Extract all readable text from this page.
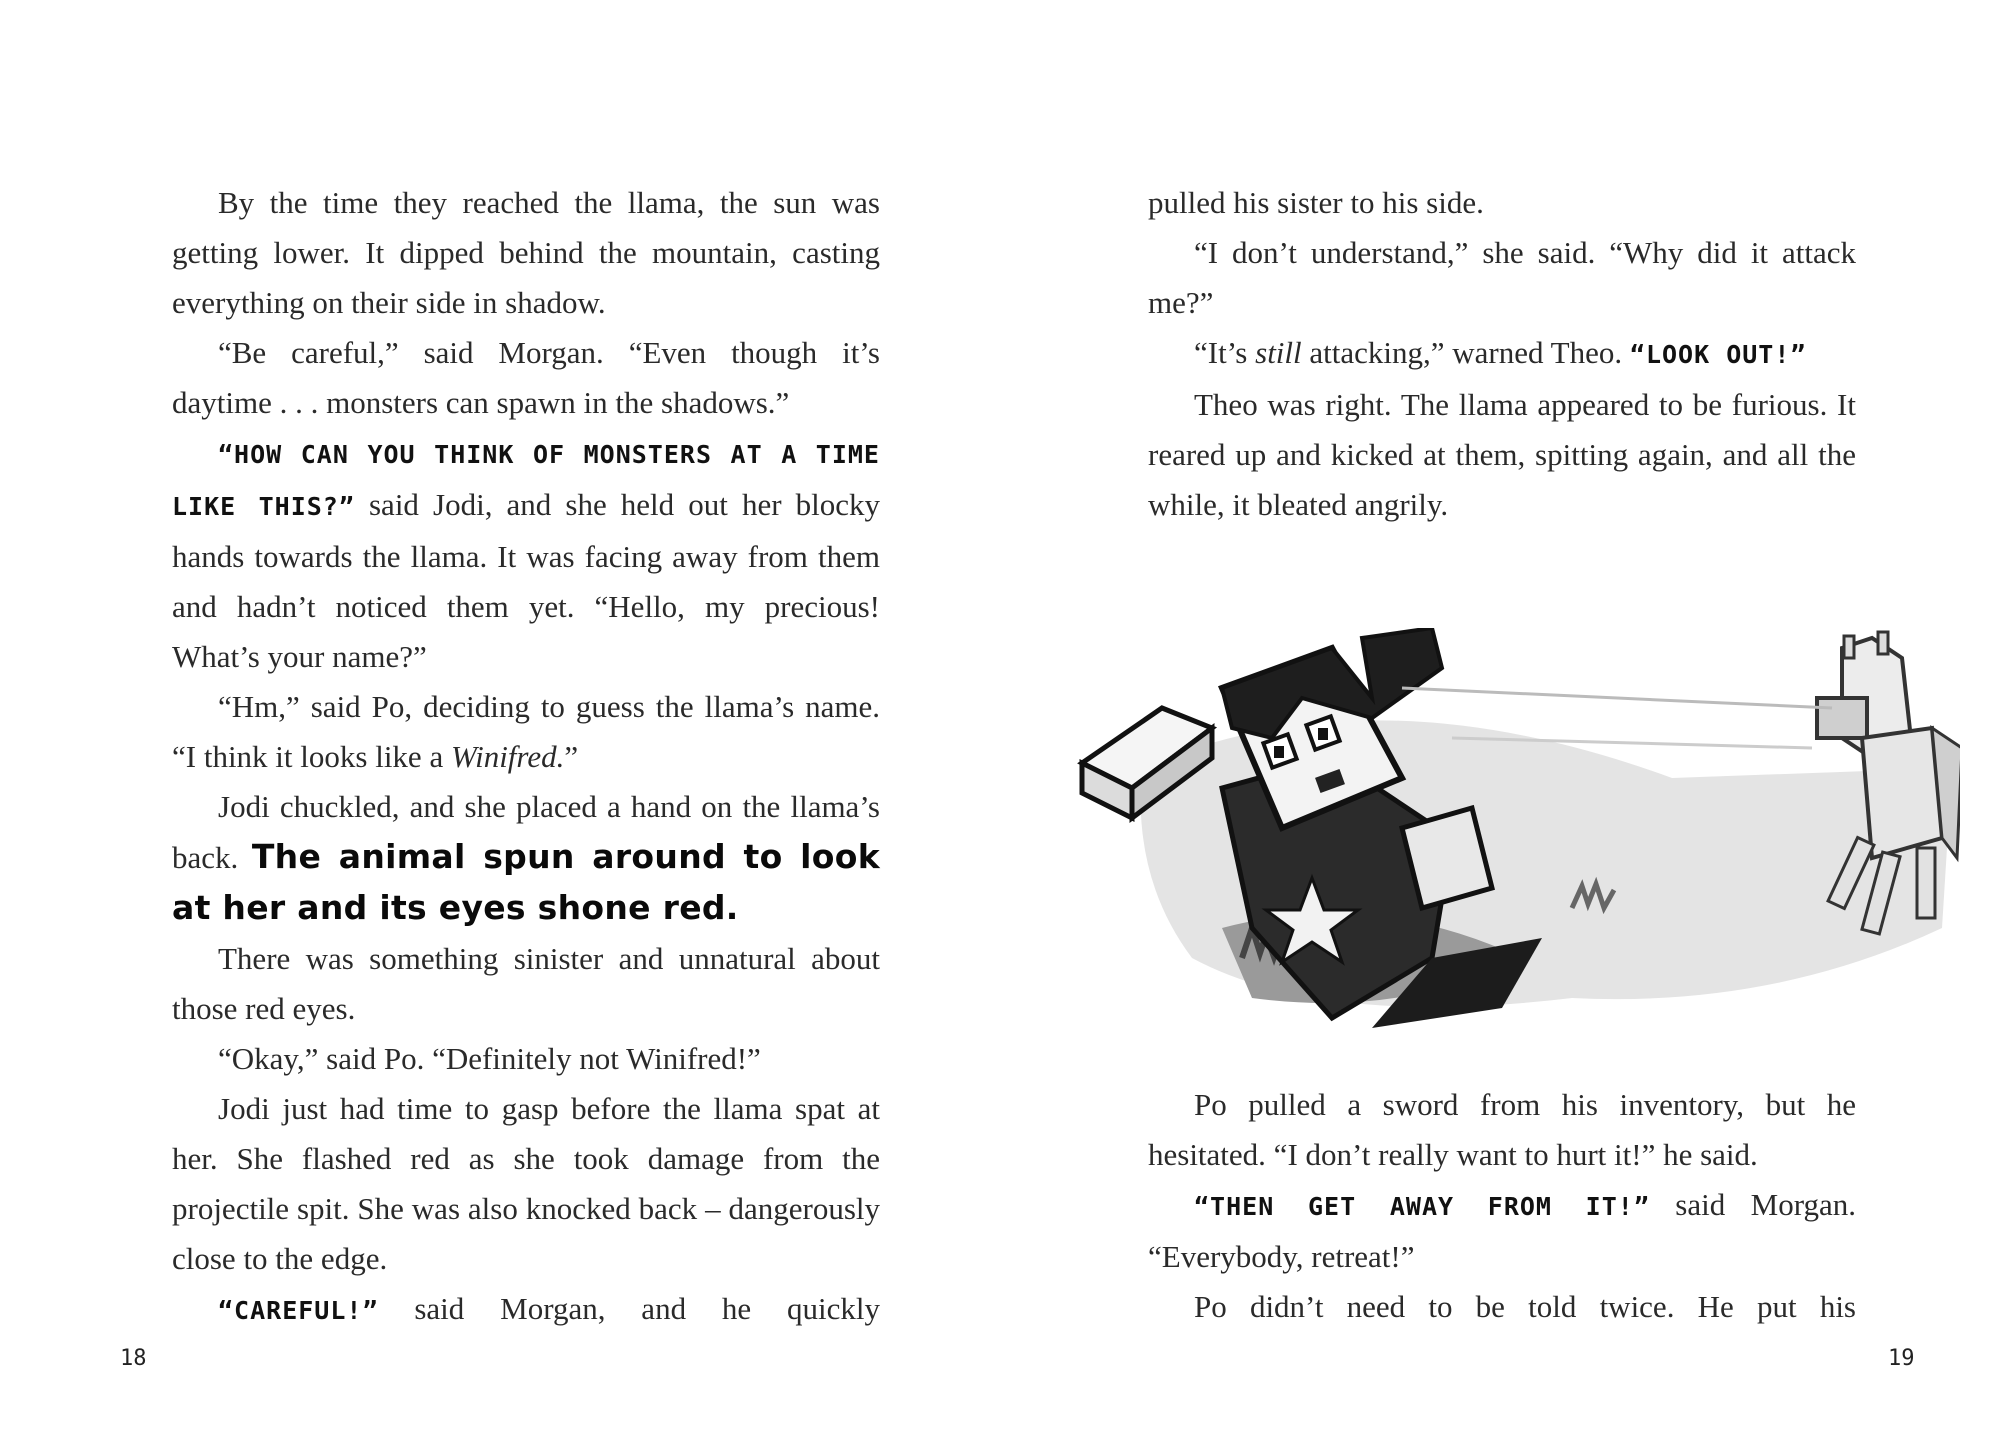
By the time they reached the llama, the sun was getting lower. It dipped behind the mountain, casting everything on their side in shadow.

“Be careful,” said Morgan. “Even though it’s daytime . . . monsters can spawn in the shadows.”

“HOW CAN YOU THINK OF MONSTERS AT A TIME LIKE THIS?” said Jodi, and she held out her blocky hands towards the llama. It was facing away from them and hadn’t noticed them yet. “Hello, my precious! What’s your name?”

“Hm,” said Po, deciding to guess the llama’s name. “I think it looks like a Winifred.”

Jodi chuckled, and she placed a hand on the llama’s back. The animal spun around to look at her and its eyes shone red.

There was something sinister and unnatural about those red eyes.

“Okay,” said Po. “Definitely not Winifred!”

Jodi just had time to gasp before the llama spat at her. She flashed red as she took damage from the projectile spit. She was also knocked back – dangerously close to the edge.

“CAREFUL!” said Morgan, and he quickly

18

pulled his sister to his side.

“I don’t understand,” she said. “Why did it attack me?”

“It’s still attacking,” warned Theo. “LOOK OUT!”

Theo was right. The llama appeared to be furious. It reared up and kicked at them, spitting again, and all the while, it bleated angrily.

Po pulled a sword from his inventory, but he hesitated. “I don’t really want to hurt it!” he said.

“THEN GET AWAY FROM IT!” said Morgan. “Everybody, retreat!”

Po didn’t need to be told twice. He put his

19
